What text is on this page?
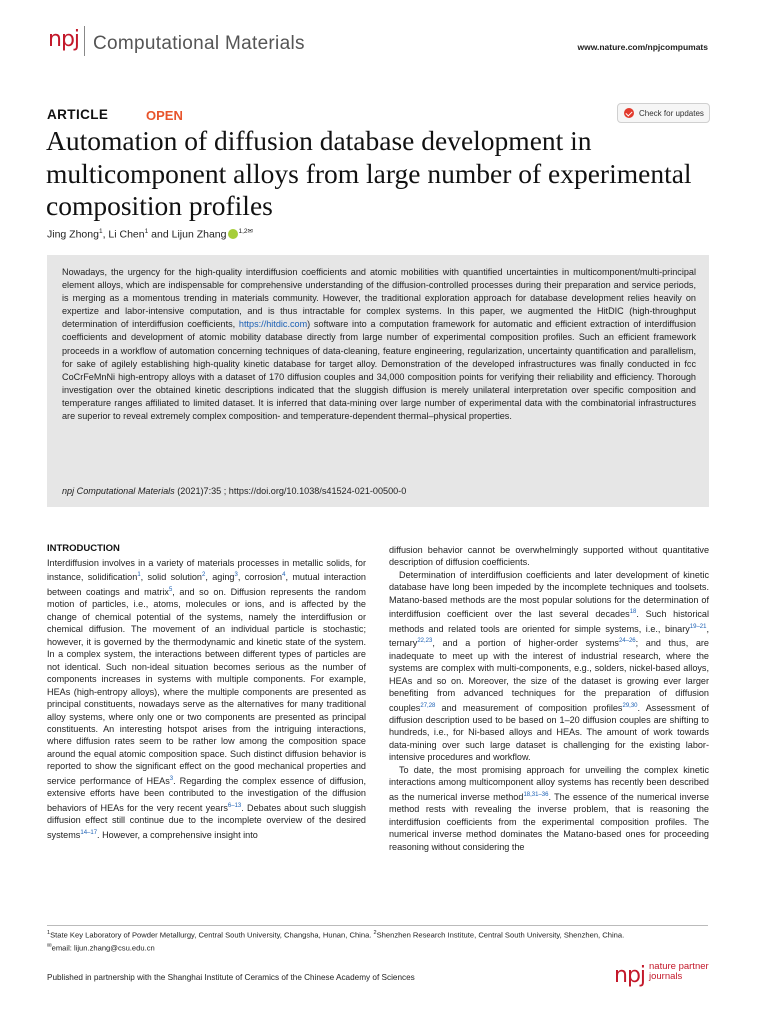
npj Computational Materials	www.nature.com/npjcompumats
ARTICLE	OPEN	Check for updates
Automation of diffusion database development in multicomponent alloys from large number of experimental composition profiles
Jing Zhong$^1$, Li Chen$^1$ and Lijun Zhang $^{1,2✉}$

Nowadays, the urgency for the high-quality interdiffusion coefficients and atomic mobilities with quantified uncertainties in multicomponent/multi-principal element alloys, which are indispensable for comprehensive understanding of the diffusion-controlled processes during their preparation and service periods, is merging as a momentous trending in materials community. However, the traditional exploration approach for database development relies heavily on expertize and labor-intensive computation, and is thus intractable for complex systems. In this paper, we augmented the HitDIC (high-throughput determination of interdiffusion coefficients, https://hitdic.com) software into a computation framework for automatic and efficient extraction of interdiffusion coefficients and development of atomic mobility database directly from large number of experimental composition profiles. Such an efficient framework proceeds in a workflow of automation concerning techniques of data-cleaning, feature engineering, regularization, uncertainty quantification and parallelism, for sake of agilely establishing high-quality kinetic database for target alloy. Demonstration of the developed infrastructures was finally conducted in fcc CoCrFeMnNi high-entropy alloys with a dataset of 170 diffusion couples and 34,000 composition points for verifying their reliability and efficiency. Thorough investigation over the obtained kinetic descriptions indicated that the sluggish diffusion is merely unilateral interpretation over specific composition and temperature ranges affiliated to limited dataset. It is inferred that data-mining over large number of experimental data with the combinatorial infrastructures are superior to reveal extremely complex composition- and temperature-dependent thermal–physical properties.

npj Computational Materials (2021)7:35 ; https://doi.org/10.1038/s41524-021-00500-0
INTRODUCTION

Interdiffusion involves in a variety of materials processes in metallic solids, for instance, solidification$^1$, solid solution$^2$, aging$^3$, corrosion$^4$, mutual interaction between coatings and matrix$^5$, and so on. Diffusion represents the random motion of particles, i.e., atoms, molecules or ions, and is affected by the change of chemical potential of the systems, namely the interdiffusion or chemical diffusion. The movement of an individual particle is stochastic; however, it is governed by the thermodynamic and kinetic state of the system. In a complex system, the interactions between different types of particles are not identical. Such non-ideal situation becomes serious as the number of components increases in systems with multiple components. For example, HEAs (high-entropy alloys), where the multiple components are presented as principal constituents, nowadays serve as the alternatives for many traditional alloy systems, where only one or two components are presented as principal constituents. An interesting hotspot arises from the intriguing interactions, where diffusion rates seem to be rather low among the composition space around the equal atomic composition space. Such distinct diffusion behavior is reported to show the significant effect on the good mechanical properties and service performance of HEAs$^3$. Regarding the complex essence of diffusion, extensive efforts have been contributed to the investigation of the diffusion behaviors of HEAs for the very recent years$^{6-13}$. Debates about such sluggish diffusion effect still continue due to the incomplete overview of the desired systems$^{14-17}$. However, a comprehensive insight into

diffusion behavior cannot be overwhelmingly supported without quantitative description of diffusion coefficients.

Determination of interdiffusion coefficients and later development of kinetic database have long been impeded by the incomplete techniques and toolsets. Matano-based methods are the most popular solutions for the determination of interdiffusion coefficient over the last several decades$^{18}$. Such historical methods and related tools are oriented for simple systems, i.e., binary$^{19-21}$, ternary$^{22,23}$, and a portion of higher-order systems$^{24-26}$; and thus, are inadequate to meet up with the interest of industrial research, where the systems are complex with multi-components, e.g., solders, nickel-based alloys, HEAs and so on. Moreover, the size of the dataset is growing ever larger benefiting from advanced techniques for the preparation of diffusion couples$^{27,28}$ and measurement of composition profiles$^{29,30}$. Assessment of diffusion description used to be based on 1–20 diffusion couples are shifting to hundreds, i.e., for Ni-based alloys and HEAs. The amount of work towards data-mining over such large dataset is challenging for the existing labor-intensive procedures and workflow.

To date, the most promising approach for unveiling the complex kinetic interactions among multicomponent alloy systems has recently been described as the numerical inverse method$^{18,31-36}$. The essence of the numerical inverse method rests with revealing the inverse problem, that is reasoning the interdiffusion coefficients from the experimental composition profiles. The numerical inverse method dominates the Matano-based ones for proceeding reasoning without considering the

$^1$State Key Laboratory of Powder Metallurgy, Central South University, Changsha, Hunan, China. $^2$Shenzhen Research Institute, Central South University, Shenzhen, China.
✉email: lijun.zhang@csu.edu.cn
Published in partnership with the Shanghai Institute of Ceramics of the Chinese Academy of Sciences	npj nature partner
journals
